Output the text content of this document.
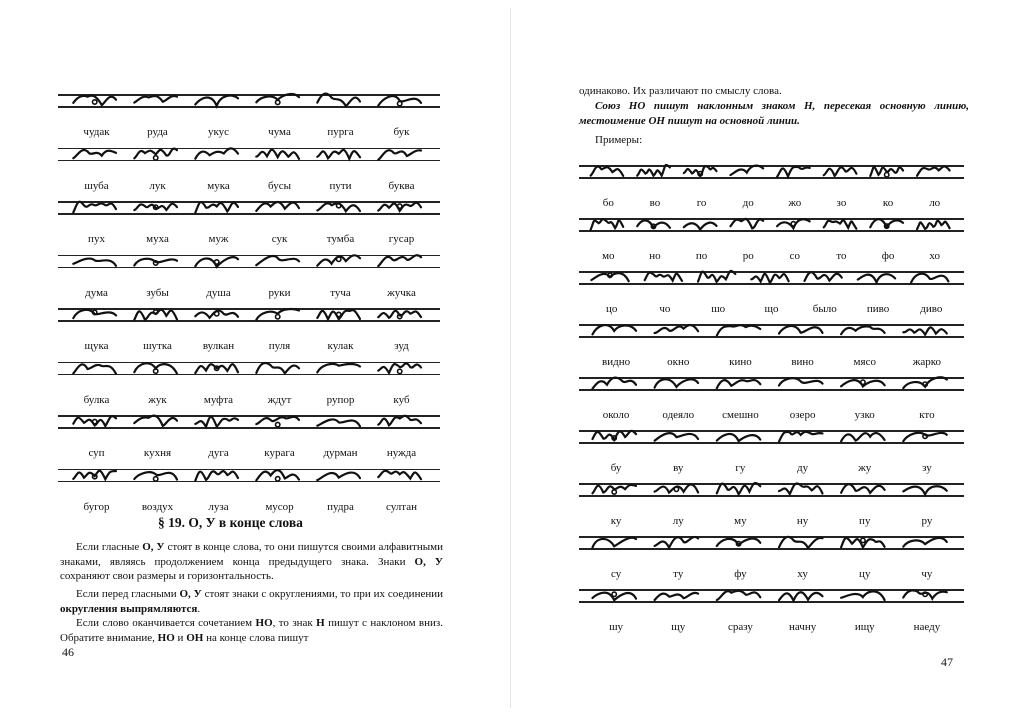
чудак	руда	укус	чума	пурга	бук
шуба	лук	мука	бусы	пути	буква
пух	муха	муж	сук	тумба	гусар
дума	зубы	душа	руки	туча	жучка
щука	шутка	вулкан	пуля	кулак	зуд
булка	жук	муфта	ждут	рупор	куб
суп	кухня	дуга	курага	дурман	нужда
бугор	воздух	луза	мусор	пудра	султан
§ 19. О, У в конце слова
Если гласные О, У стоят в конце слова, то они пишутся своими алфавитными знаками, являясь продолжением конца предыдущего знака. Знаки О, У сохраняют свои размеры и горизонтальность.
Если перед гласными О, У стоят знаки с округлениями, то при их соединении округления выпрямляются.
Если слово оканчивается сочетанием НО, то знак Н пишут с наклоном вниз. Обратите внимание, НО и ОН на конце слова пишут
46
одинаково. Их различают по смыслу слова.
Союз НО пишут наклонным знаком Н, пересекая основную линию, местоимение ОН пишут на основной линии.
Примеры:
бо	во	го	до	жо	зо	ко	ло
мо	но	по	ро	со	то	фо	хо
цо	чо	шо	що	было	пиво	диво
видно	окно	кино	вино	мясо	жарко
около	одеяло	смешно	озеро	узко	кто
бу	ву	гу	ду	жу	зу
ку	лу	му	ну	пу	ру
су	ту	фу	ху	цу	чу
шу	щу	сразу	начну	ищу	наеду
47
